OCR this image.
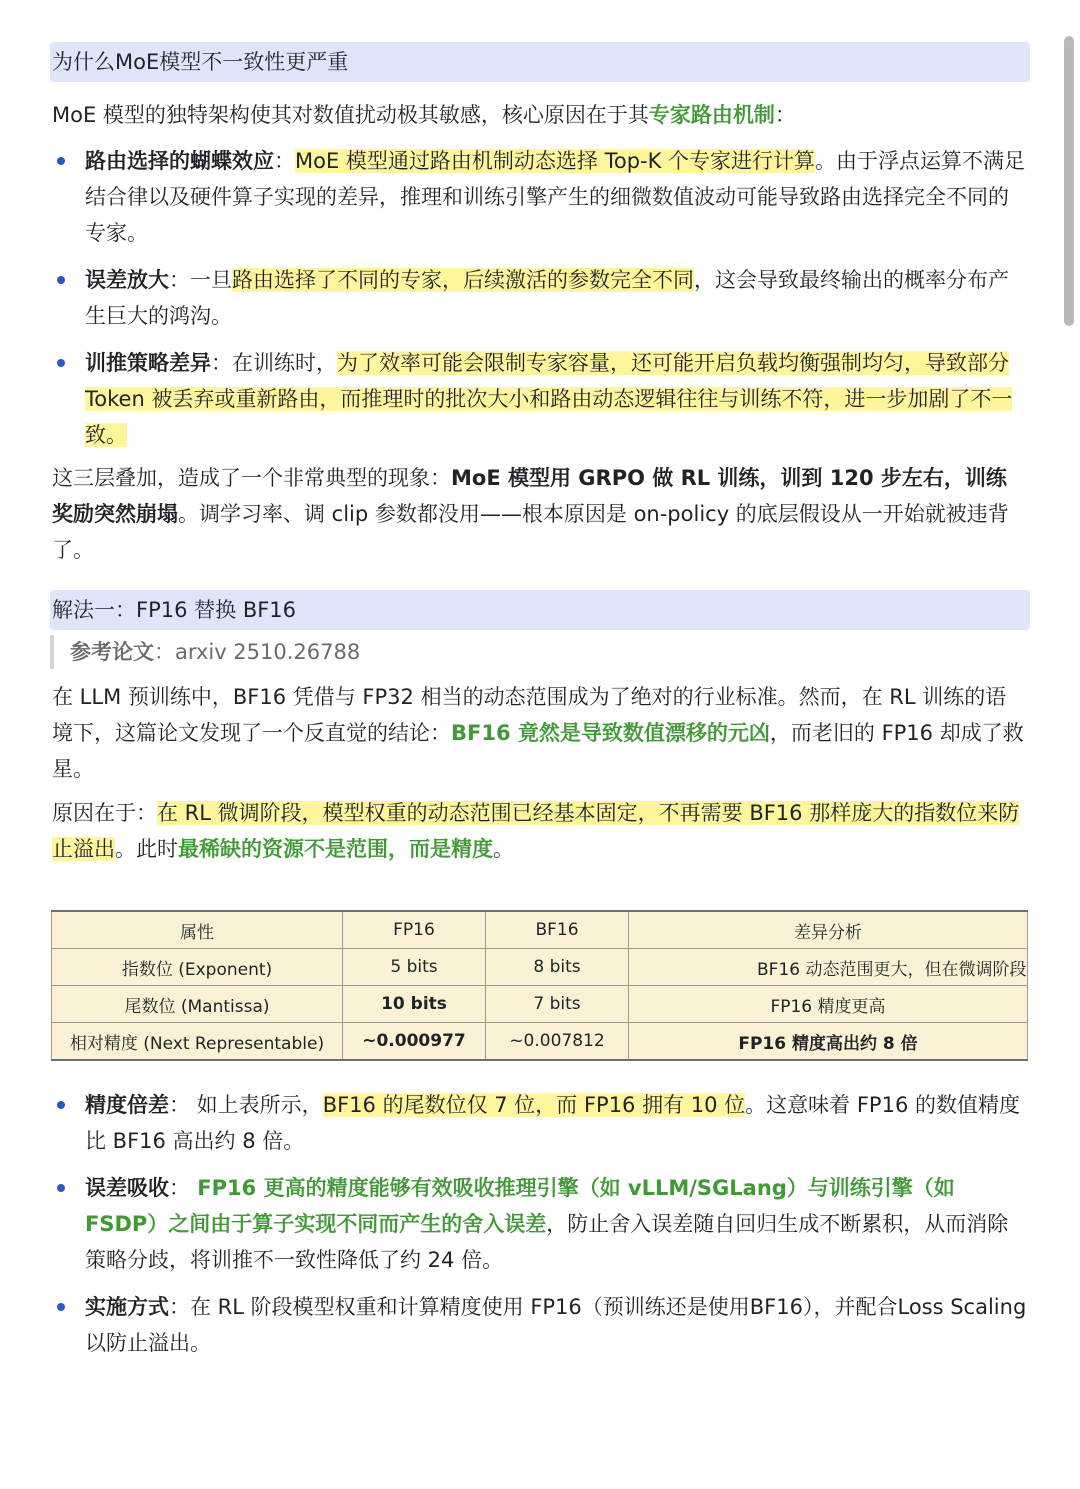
为什么MoE模型不一致性更严重

MoE 模型的独特架构使其对数值扰动极其敏感，核心原因在于其专家路由机制：

路由选择的蝴蝶效应：MoE 模型通过路由机制动态选择 Top-K 个专家进行计算。由于浮点运算不满足结合律以及硬件算子实现的差异，推理和训练引擎产生的细微数值波动可能导致路由选择完全不同的专家。
误差放大：一旦路由选择了不同的专家，后续激活的参数完全不同，这会导致最终输出的概率分布产生巨大的鸿沟。
训推策略差异：在训练时，为了效率可能会限制专家容量，还可能开启负载均衡强制均匀，导致部分 Token 被丢弃或重新路由，而推理时的批次大小和路由动态逻辑往往与训练不符，进一步加剧了不一致。

这三层叠加，造成了一个非常典型的现象：MoE 模型用 GRPO 做 RL 训练，训到 120 步左右，训练奖励突然崩塌。调学习率、调 clip 参数都没用——根本原因是 on-policy 的底层假设从一开始就被违背了。

解法一：FP16 替换 BF16
参考论文：arxiv 2510.26788

在 LLM 预训练中，BF16 凭借与 FP32 相当的动态范围成为了绝对的行业标准。然而，在 RL 训练的语境下，这篇论文发现了一个反直觉的结论：BF16 竟然是导致数值漂移的元凶，而老旧的 FP16 却成了救星。

原因在于：在 RL 微调阶段，模型权重的动态范围已经基本固定，不再需要 BF16 那样庞大的指数位来防止溢出。此时最稀缺的资源不是范围，而是精度。

属性	FP16	BF16	差异分析
指数位 (Exponent)	5 bits	8 bits	BF16 动态范围更大，但在微调阶段
尾数位 (Mantissa)	10 bits	7 bits	FP16 精度更高
相对精度 (Next Representable)	~0.000977	~0.007812	FP16 精度高出约 8 倍
精度倍差： 如上表所示，BF16 的尾数位仅 7 位，而 FP16 拥有 10 位。这意味着 FP16 的数值精度比 BF16 高出约 8 倍。
误差吸收： FP16 更高的精度能够有效吸收推理引擎（如 vLLM/SGLang）与训练引擎（如 FSDP）之间由于算子实现不同而产生的舍入误差，防止舍入误差随自回归生成不断累积，从而消除策略分歧，将训推不一致性降低了约 24 倍。
实施方式：在 RL 阶段模型权重和计算精度使用 FP16（预训练还是使用BF16），并配合Loss Scaling以防止溢出。
